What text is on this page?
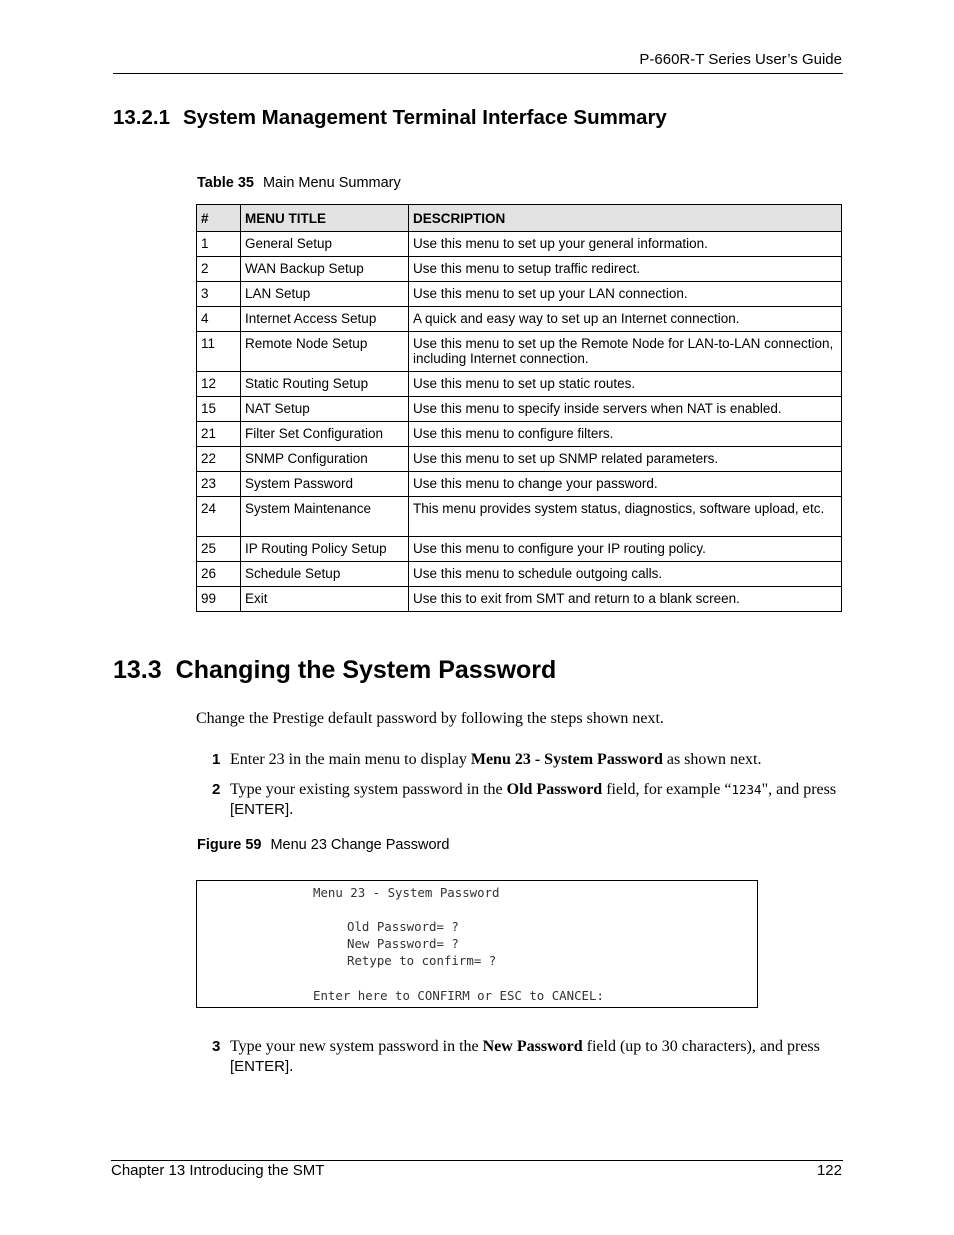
P-660R-T Series User’s Guide
13.2.1 System Management Terminal Interface Summary
Table 35 Main Menu Summary
#	MENU TITLE	DESCRIPTION
1	General Setup	Use this menu to set up your general information.
2	WAN Backup Setup	Use this menu to setup traffic redirect.
3	LAN Setup	Use this menu to set up your LAN connection.
4	Internet Access Setup	A quick and easy way to set up an Internet connection.
11	Remote Node Setup	Use this menu to set up the Remote Node for LAN-to-LAN connection, including Internet connection.
12	Static Routing Setup	Use this menu to set up static routes.
15	NAT Setup	Use this menu to specify inside servers when NAT is enabled.
21	Filter Set Configuration	Use this menu to configure filters.
22	SNMP Configuration	Use this menu to set up SNMP related parameters.
23	System Password	Use this menu to change your password.
24	System Maintenance	This menu provides system status, diagnostics, software upload, etc.
25	IP Routing Policy Setup	Use this menu to configure your IP routing policy.
26	Schedule Setup	Use this menu to schedule outgoing calls.
99	Exit	Use this to exit from SMT and return to a blank screen.
13.3 Changing the System Password
Change the Prestige default password by following the steps shown next.
1 Enter 23 in the main menu to display Menu 23 - System Password as shown next.
2 Type your existing system password in the Old Password field, for example “1234", and press [ENTER].
Figure 59 Menu 23 Change Password
Menu 23 - System Password
Old Password= ?
New Password= ?
Retype to confirm= ?
Enter here to CONFIRM or ESC to CANCEL:
3 Type your new system password in the New Password field (up to 30 characters), and press [ENTER].
Chapter 13 Introducing the SMT	122
